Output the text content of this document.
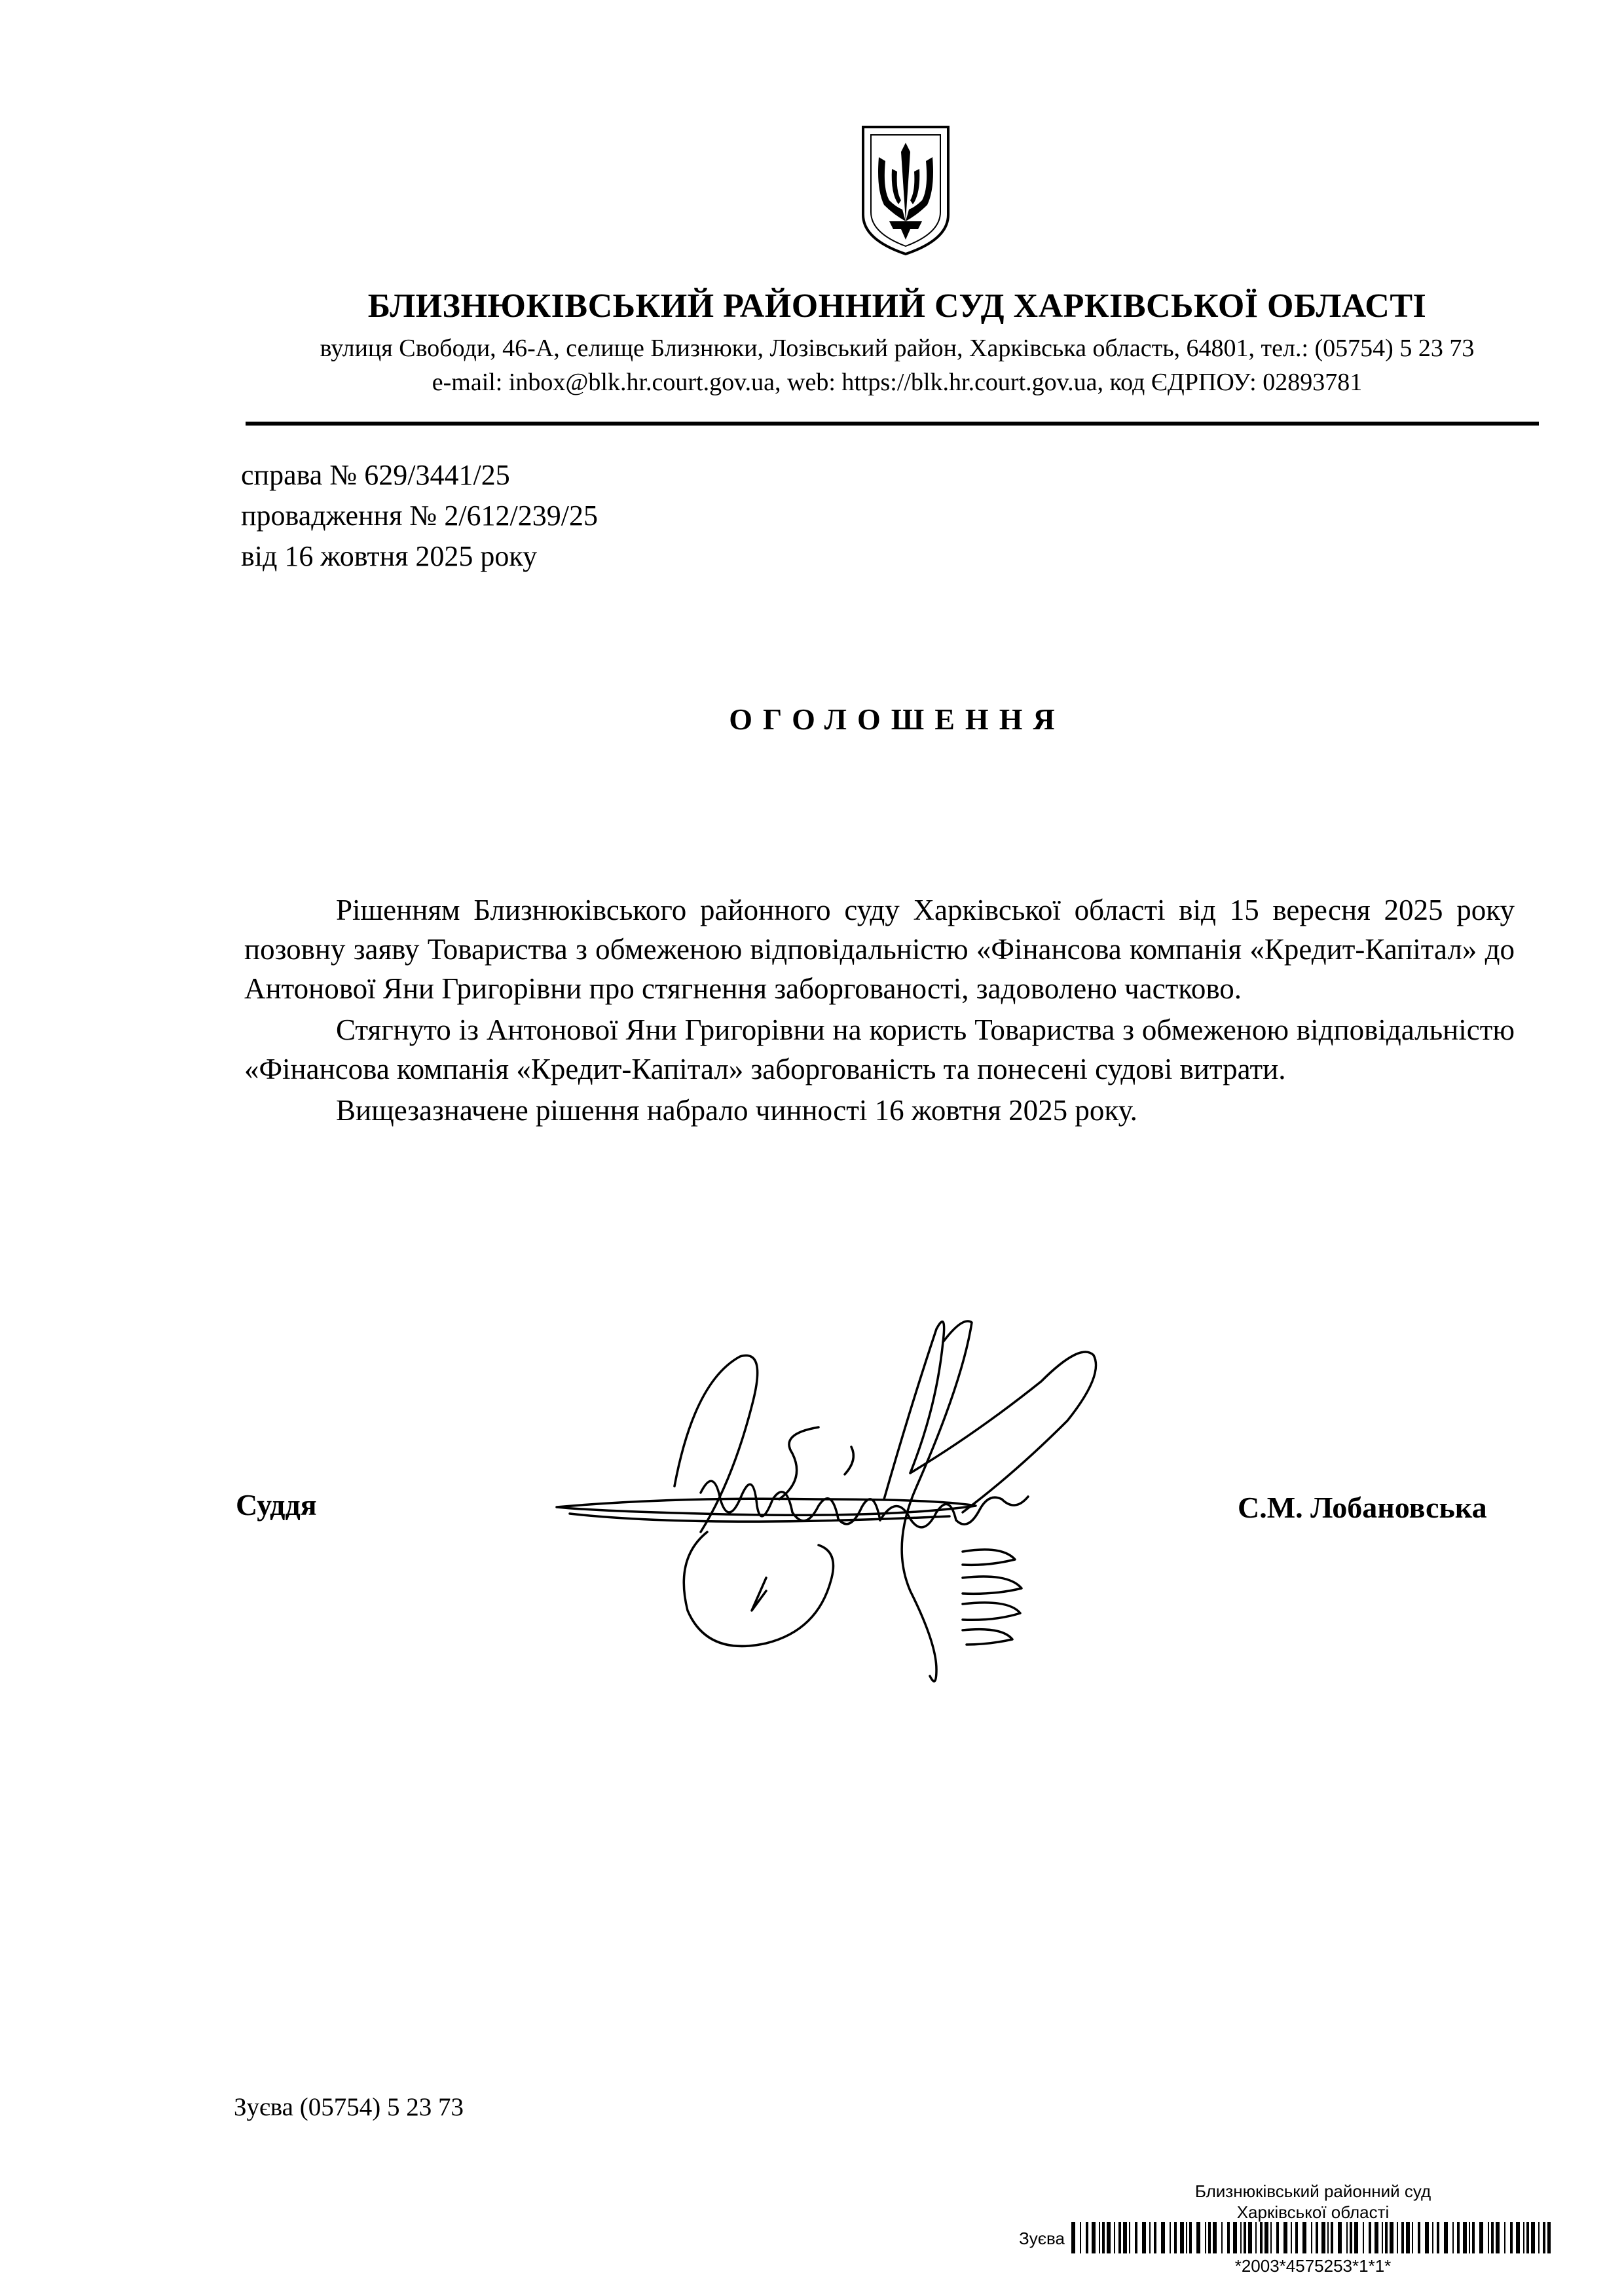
БЛИЗНЮКІВСЬКИЙ РАЙОННИЙ СУД ХАРКІВСЬКОЇ ОБЛАСТІ
вулиця Свободи, 46-А, селище Близнюки, Лозівський район, Харківська область, 64801, тел.: (05754) 5 23 73
e-mail: inbox@blk.hr.court.gov.ua, web: https://blk.hr.court.gov.ua, код ЄДРПОУ: 02893781
справа № 629/3441/25
провадження № 2/612/239/25
від 16 жовтня 2025 року
ОГОЛОШЕННЯ

Рішенням Близнюківського районного суду Харківської області від 15 вересня 2025 року позовну заяву Товариства з обмеженою відповідальністю «Фінансова компанія «Кредит-Капітал» до Антонової Яни Григорівни про стягнення заборгованості, задоволено частково.

Стягнуто із Антонової Яни Григорівни на користь Товариства з обмеженою відповідальністю «Фінансова компанія «Кредит-Капітал» заборгованість та понесені судові витрати.

Вищезазначене рішення набрало чинності 16 жовтня 2025 року.

Суддя	С.М. Лобановська
Зуєва (05754) 5 23 73
Близнюківський районний суд
Харківської області
Зуєва
*2003*4575253*1*1*
